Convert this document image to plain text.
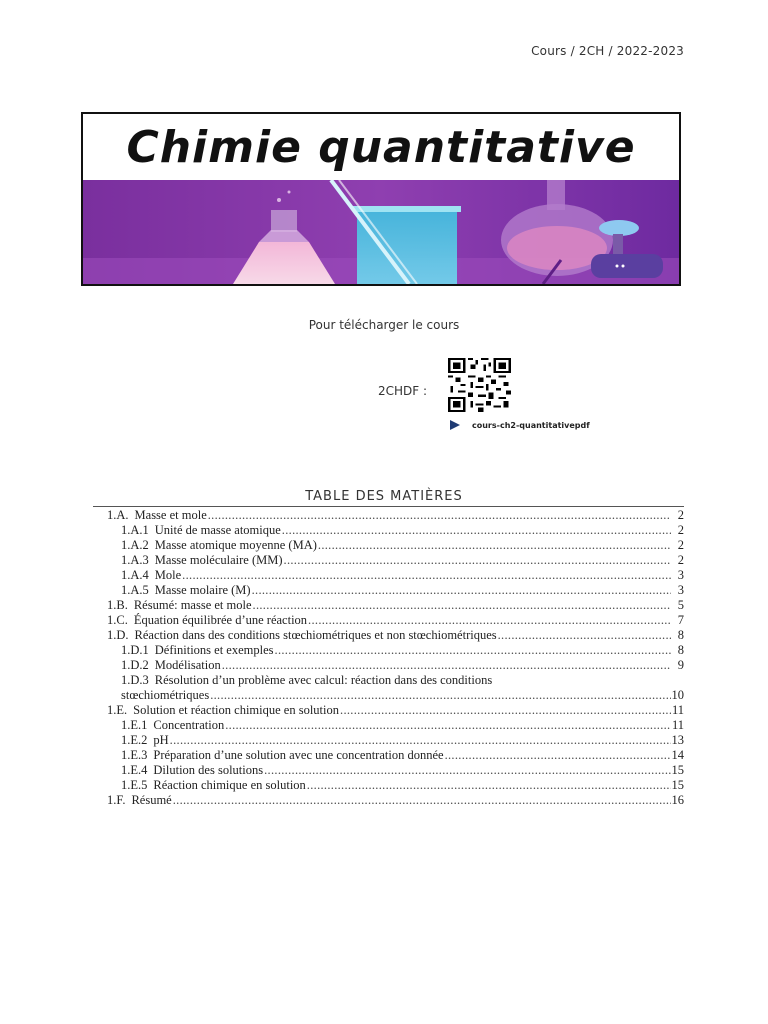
Cours / 2CH / 2022-2023
Chimie quantitative
Pour télécharger le cours
2CHDF :
cours-ch2-quantitativepdf
TABLE DES MATIÈRES
1.A. Masse et mole .....	2
1.A.1 Unité de masse atomique .....	2
1.A.2 Masse atomique moyenne (MA) .....	2
1.A.3 Masse moléculaire (MM) .....	2
1.A.4 Mole .....	3
1.A.5 Masse molaire (M) .....	3
1.B. Résumé: masse et mole .....	5
1.C. Équation équilibrée d’une réaction .....	7
1.D. Réaction dans des conditions stœchiométriques et non stœchiométriques .....	8
1.D.1 Définitions et exemples .....	8
1.D.2 Modélisation .....	9
1.D.3 Résolution d’un problème avec calcul: réaction dans des conditions
stœchiométriques .....	10
1.E. Solution et réaction chimique en solution .....	11
1.E.1 Concentration .....	11
1.E.2 pH .....	13
1.E.3 Préparation d’une solution avec une concentration donnée .....	14
1.E.4 Dilution des solutions .....	15
1.E.5 Réaction chimique en solution .....	15
1.F. Résumé .....	16
